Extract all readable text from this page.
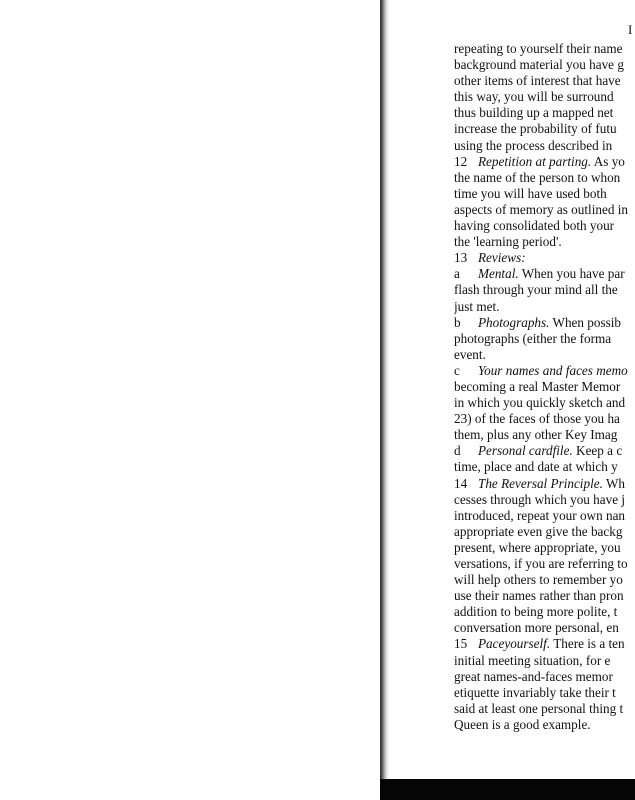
I
repeating to yourself their name
background material you have g
other items of interest that have
this way, you will be surround
thus building up a mapped net
increase the probability of futu
using the process described in
12 Repetition at parting. As yo
the name of the person to whon
time you will have used both
aspects of memory as outlined in
having consolidated both your
the 'learning period'.
13 Reviews:
a Mental. When you have par
flash through your mind all the
just met.
b Photographs. When possib
photographs (either the forma
event.
c Your names and faces memo
becoming a real Master Memor
in which you quickly sketch and
23) of the faces of those you ha
them, plus any other Key Imag
d Personal cardfile. Keep a c
time, place and date at which y
14 The Reversal Principle. Wh
cesses through which you have j
introduced, repeat your own nan
appropriate even give the backg
present, where appropriate, you
versations, if you are referring to
will help others to remember yo
use their names rather than pron
addition to being more polite, t
conversation more personal, en
15 Paceyourself. There is a ten
initial meeting situation, for e
great names-and-faces memor
etiquette invariably take their t
said at least one personal thing t
Queen is a good example.
